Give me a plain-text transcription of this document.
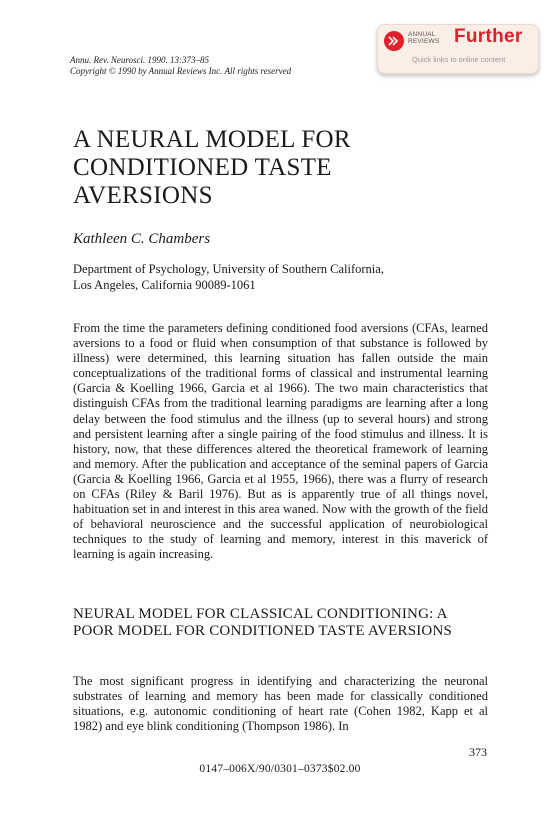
Annu. Rev. Neurosci. 1990. 13:373–85
Copyright © 1990 by Annual Reviews Inc. All rights reserved
ANNUAL
REVIEWS Further
Quick links to online content
A NEURAL MODEL FOR CONDITIONED TASTE AVERSIONS
Kathleen C. Chambers
Department of Psychology, University of Southern California,
Los Angeles, California 90089-1061

From the time the parameters defining conditioned food aversions (CFAs, learned aversions to a food or fluid when consumption of that substance is followed by illness) were determined, this learning situation has fallen outside the main conceptualizations of the traditional forms of classical and instrumental learning (Garcia & Koelling 1966, Garcia et al 1966). The two main characteristics that distinguish CFAs from the traditional learning paradigms are learning after a long delay between the food stimulus and the illness (up to several hours) and strong and persistent learning after a single pairing of the food stimulus and illness. It is history, now, that these differences altered the theoretical framework of learning and memory. After the publication and acceptance of the seminal papers of Garcia (Garcia & Koelling 1966, Garcia et al 1955, 1966), there was a flurry of research on CFAs (Riley & Baril 1976). But as is apparently true of all things novel, habituation set in and interest in this area waned. Now with the growth of the field of behavioral neuroscience and the successful application of neurobiological techniques to the study of learning and memory, interest in this maverick of learning is again increasing.

NEURAL MODEL FOR CLASSICAL CONDITIONING: A POOR MODEL FOR CONDITIONED TASTE AVERSIONS

The most significant progress in identifying and characterizing the neuronal substrates of learning and memory has been made for classically conditioned situations, e.g. autonomic conditioning of heart rate (Cohen 1982, Kapp et al 1982) and eye blink conditioning (Thompson 1986). In

373
0147–006X/90/0301–0373$02.00
